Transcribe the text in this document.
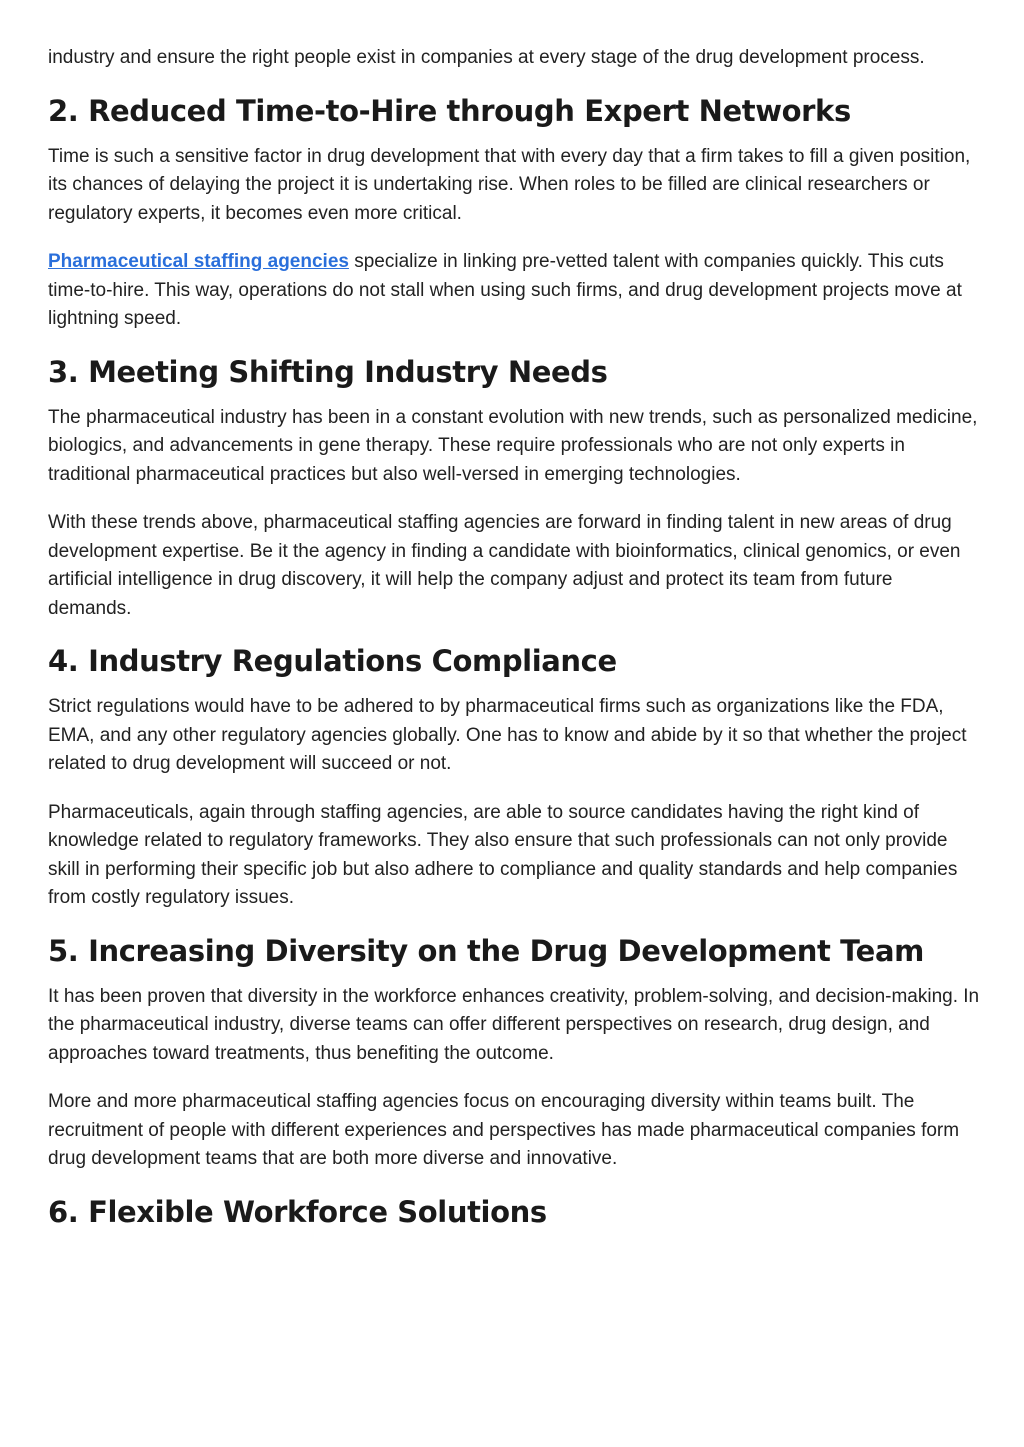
industry and ensure the right people exist in companies at every stage of the drug development process.

2. Reduced Time-to-Hire through Expert Networks

Time is such a sensitive factor in drug development that with every day that a firm takes to fill a given position, its chances of delaying the project it is undertaking rise. When roles to be filled are clinical researchers or regulatory experts, it becomes even more critical.

Pharmaceutical staffing agencies specialize in linking pre-vetted talent with companies quickly. This cuts time-to-hire. This way, operations do not stall when using such firms, and drug development projects move at lightning speed.

3. Meeting Shifting Industry Needs

The pharmaceutical industry has been in a constant evolution with new trends, such as personalized medicine, biologics, and advancements in gene therapy. These require professionals who are not only experts in traditional pharmaceutical practices but also well-versed in emerging technologies.

With these trends above, pharmaceutical staffing agencies are forward in finding talent in new areas of drug development expertise. Be it the agency in finding a candidate with bioinformatics, clinical genomics, or even artificial intelligence in drug discovery, it will help the company adjust and protect its team from future demands.

4. Industry Regulations Compliance

Strict regulations would have to be adhered to by pharmaceutical firms such as organizations like the FDA, EMA, and any other regulatory agencies globally. One has to know and abide by it so that whether the project related to drug development will succeed or not.

Pharmaceuticals, again through staffing agencies, are able to source candidates having the right kind of knowledge related to regulatory frameworks. They also ensure that such professionals can not only provide skill in performing their specific job but also adhere to compliance and quality standards and help companies from costly regulatory issues.

5. Increasing Diversity on the Drug Development Team

It has been proven that diversity in the workforce enhances creativity, problem-solving, and decision-making. In the pharmaceutical industry, diverse teams can offer different perspectives on research, drug design, and approaches toward treatments, thus benefiting the outcome.

More and more pharmaceutical staffing agencies focus on encouraging diversity within teams built. The recruitment of people with different experiences and perspectives has made pharmaceutical companies form drug development teams that are both more diverse and innovative.

6. Flexible Workforce Solutions
